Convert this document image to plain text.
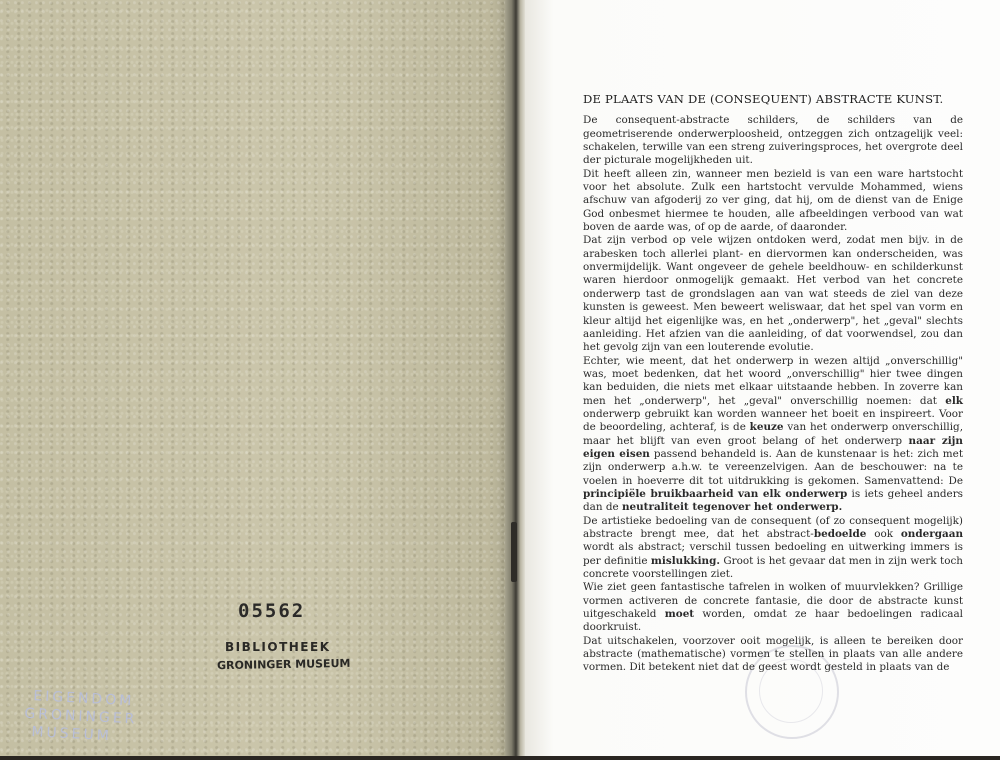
05562
BIBLIOTHEEK
GRONINGER MUSEUM
EIGENDOM
GRONINGER
MUSEUM
DE PLAATS VAN DE (CONSEQUENT) ABSTRACTE KUNST.

De consequent-abstracte schilders, de schilders van de geometriserende onderwerploosheid, ontzeggen zich ontzagelijk veel: schakelen, terwille van een streng zuiveringsproces, het overgrote deel der picturale mogelijkheden uit.

Dit heeft alleen zin, wanneer men bezield is van een ware hartstocht voor het absolute. Zulk een hartstocht vervulde Mohammed, wiens afschuw van afgoderij zo ver ging, dat hij, om de dienst van de Enige God onbesmet hiermee te houden, alle afbeeldingen verbood van wat boven de aarde was, of op de aarde, of daaronder.

Dat zijn verbod op vele wijzen ontdoken werd, zodat men bijv. in de arabesken toch allerlei plant- en diervormen kan onderscheiden, was onvermijdelijk. Want ongeveer de gehele beeldhouw- en schilderkunst waren hierdoor onmogelijk gemaakt. Het verbod van het concrete onderwerp tast de grondslagen aan van wat steeds de ziel van deze kunsten is geweest. Men beweert weliswaar, dat het spel van vorm en kleur altijd het eigenlijke was, en het „onderwerp", het „geval" slechts aanleiding. Het afzien van die aanleiding, of dat voorwendsel, zou dan het gevolg zijn van een louterende evolutie.

Echter, wie meent, dat het onderwerp in wezen altijd „onverschillig" was, moet bedenken, dat het woord „onverschillig" hier twee dingen kan beduiden, die niets met elkaar uitstaande hebben. In zoverre kan men het „onderwerp", het „geval" onverschillig noemen: dat elk onderwerp gebruikt kan worden wanneer het boeit en inspireert. Voor de beoordeling, achteraf, is de keuze van het onderwerp onverschillig, maar het blijft van even groot belang of het onderwerp naar zijn eigen eisen passend behandeld is. Aan de kunstenaar is het: zich met zijn onderwerp a.h.w. te vereenzelvigen. Aan de beschouwer: na te voelen in hoeverre dit tot uitdrukking is gekomen. Samenvattend: De principiële bruikbaarheid van elk onderwerp is iets geheel anders dan de neutraliteit tegenover het onderwerp.

De artistieke bedoeling van de consequent (of zo consequent mogelijk) abstracte brengt mee, dat het abstract-bedoelde ook ondergaan wordt als abstract; verschil tussen bedoeling en uitwerking immers is per definitie mislukking. Groot is het gevaar dat men in zijn werk toch concrete voorstellingen ziet.

Wie ziet geen fantastische tafrelen in wolken of muurvlekken? Grillige vormen activeren de concrete fantasie, die door de abstracte kunst uitgeschakeld moet worden, omdat ze haar bedoelingen radicaal doorkruist.

Dat uitschakelen, voorzover ooit mogelijk, is alleen te bereiken door abstracte (mathematische) vormen te stellen in plaats van alle andere vormen. Dit betekent niet dat de geest wordt gesteld in plaats van de
